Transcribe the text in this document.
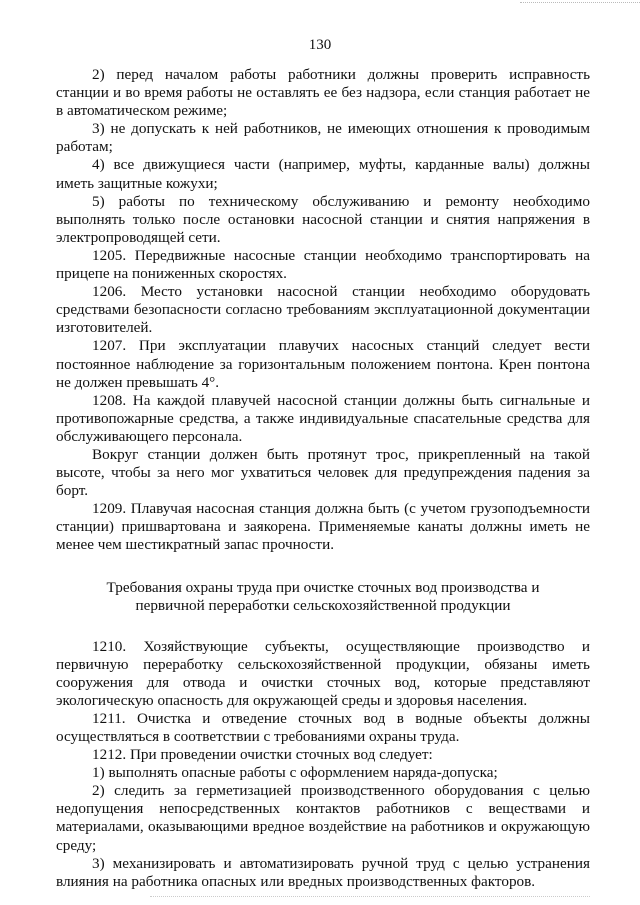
130

2) перед началом работы работники должны проверить исправность станции и во время работы не оставлять ее без надзора, если станция работает не в автоматическом режиме;

3) не допускать к ней работников, не имеющих отношения к проводимым работам;

4) все движущиеся части (например, муфты, карданные валы) должны иметь защитные кожухи;

5) работы по техническому обслуживанию и ремонту необходимо выполнять только после остановки насосной станции и снятия напряжения в электропроводящей сети.

1205. Передвижные насосные станции необходимо транспортировать на прицепе на пониженных скоростях.

1206. Место установки насосной станции необходимо оборудовать средствами безопасности согласно требованиям эксплуатационной документации изготовителей.

1207. При эксплуатации плавучих насосных станций следует вести постоянное наблюдение за горизонтальным положением понтона. Крен понтона не должен превышать 4°.

1208. На каждой плавучей насосной станции должны быть сигнальные и противопожарные средства, а также индивидуальные спасательные средства для обслуживающего персонала.

Вокруг станции должен быть протянут трос, прикрепленный на такой высоте, чтобы за него мог ухватиться человек для предупреждения падения за борт.

1209. Плавучая насосная станция должна быть (с учетом грузоподъемности станции) пришвартована и заякорена. Применяемые канаты должны иметь не менее чем шестикратный запас прочности.

Требования охраны труда при очистке сточных вод производства и
первичной переработки сельскохозяйственной продукции

1210. Хозяйствующие субъекты, осуществляющие производство и первичную переработку сельскохозяйственной продукции, обязаны иметь сооружения для отвода и очистки сточных вод, которые представляют экологическую опасность для окружающей среды и здоровья населения.

1211. Очистка и отведение сточных вод в водные объекты должны осуществляться в соответствии с требованиями охраны труда.

1212. При проведении очистки сточных вод следует:

1) выполнять опасные работы с оформлением наряда-допуска;

2) следить за герметизацией производственного оборудования с целью недопущения непосредственных контактов работников с веществами и материалами, оказывающими вредное воздействие на работников и окружающую среду;

3) механизировать и автоматизировать ручной труд с целью устранения влияния на работника опасных или вредных производственных факторов.
